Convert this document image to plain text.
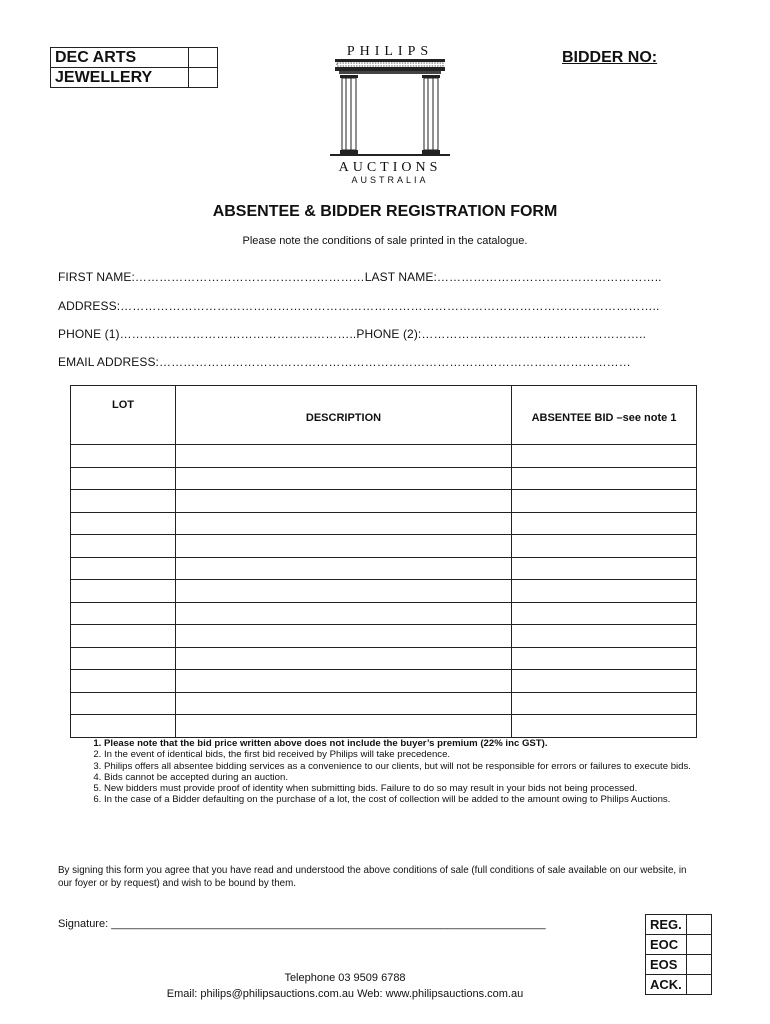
DEC ARTS	
JEWELLERY	
PHILIPS
AUCTIONS
AUSTRALIA
BIDDER NO:
ABSENTEE & BIDDER REGISTRATION FORM
Please note the conditions of sale printed in the catalogue.
FIRST NAME:…………………………………………………LAST NAME:………………………………………………..
ADDRESS:……………………………………………………………………………………………………………………..
PHONE (1)…………………………………………………..PHONE (2):………………………………………………..
EMAIL ADDRESS:………………………………………………………………………………………………………
LOT	DESCRIPTION	ABSENTEE BID –see note 1

1. Please note that the bid price written above does not include the buyer’s premium (22% inc GST).
2. In the event of identical bids, the first bid received by Philips will take precedence.
3. Philips offers all absentee bidding services as a convenience to our clients, but will not be responsible for errors or failures to execute bids.
4. Bids cannot be accepted during an auction.
5. New bidders must provide proof of identity when submitting bids. Failure to do so may result in your bids not being processed.
6. In the case of a Bidder defaulting on the purchase of a lot, the cost of collection will be added to the amount owing to Philips Auctions.
By signing this form you agree that you have read and understood the above conditions of sale (full conditions of sale available on our website, in our foyer or by request) and wish to be bound by them.
Signature: _______________________________________________________________________	REG.	
EOC	
EOS	
ACK.	
Telephone 03 9509 6788
Email: philips@philipsauctions.com.au Web: www.philipsauctions.com.au
